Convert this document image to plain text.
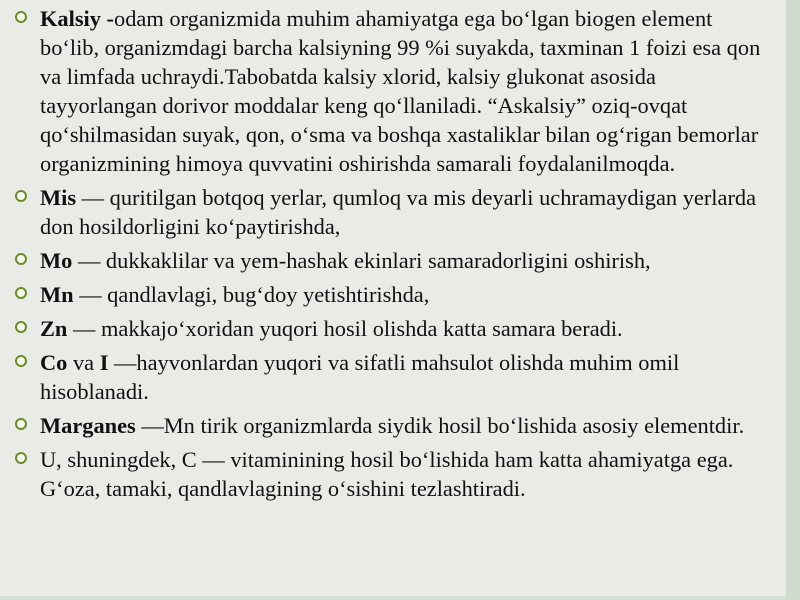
Kalsiy -odam organizmida muhim ahamiyatga ega bo‘lgan biogen element bo‘lib, organizmdagi barcha kalsiyning 99 %i suyakda, taxminan 1 foizi esa qon va limfada uchraydi.Tabobatda kalsiy xlorid, kalsiy glukonat asosida tayyorlangan dorivor moddalar keng qo‘llaniladi. “Askalsiy” oziq-ovqat qo‘shilmasidan suyak, qon, o‘sma va boshqa xastaliklar bilan og‘rigan bemorlar organizmining himoya quvvatini oshirishda samarali foydalanilmoqda.
Mis — quritilgan botqoq yerlar, qumloq va mis deyarli uchramaydigan yerlarda don hosildorligini ko‘paytirishda,
Mo — dukkaklilar va yem-hashak ekinlari samaradorligini oshirish,
Mn — qandlavlagi, bug‘doy yetishtirishda,
Zn — makkajo‘xoridan yuqori hosil olishda katta samara beradi.
Co va I —hayvonlardan yuqori va sifatli mahsulot olishda muhim omil hisoblanadi.
Marganes —Mn tirik organizmlarda siydik hosil bo‘lishida asosiy elementdir.
U, shuningdek, C — vitaminining hosil bo‘lishida ham katta ahamiyatga ega. G‘oza, tamaki, qandlavlagining o‘sishini tezlashtiradi.
